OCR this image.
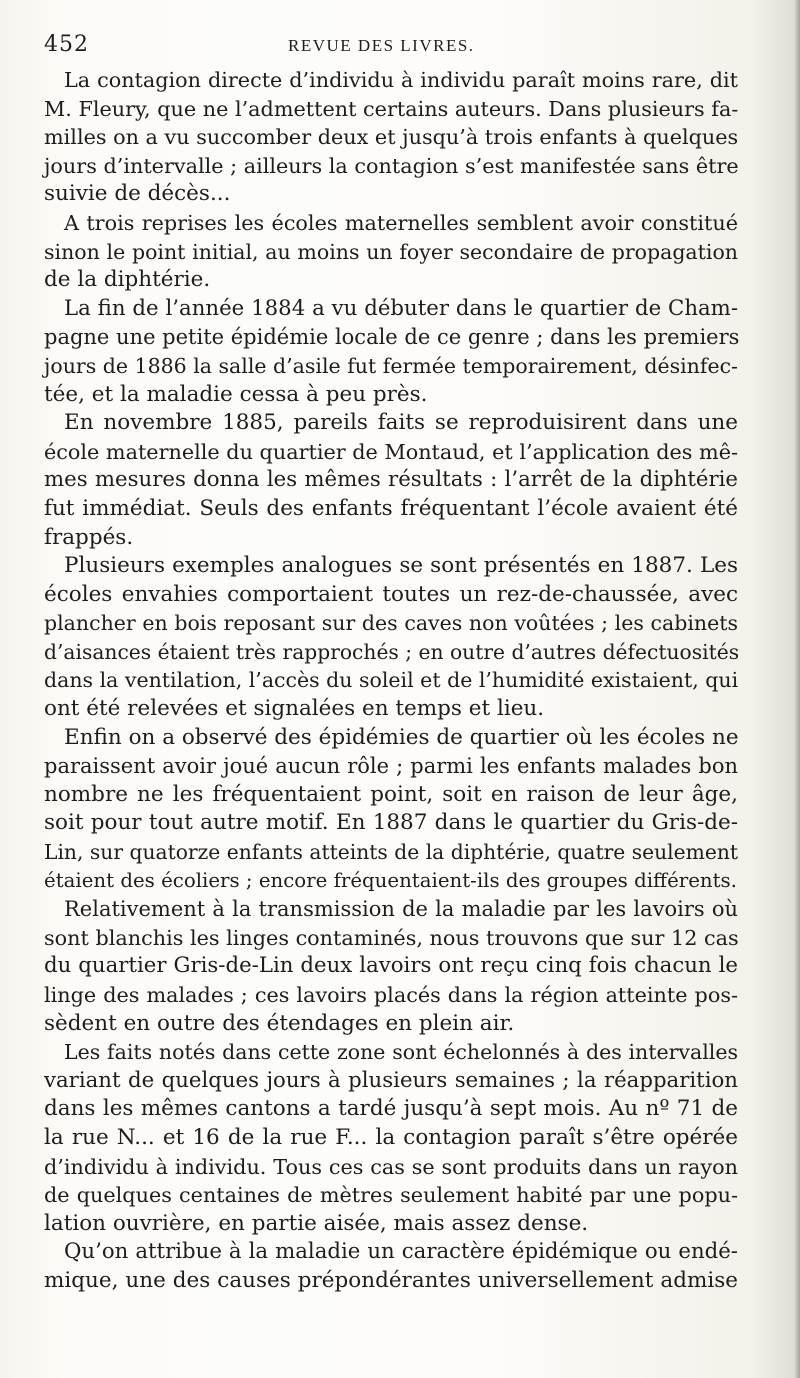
452	REVUE DES LIVRES.
La contagion directe d’individu à individu paraît moins rare, dit
M. Fleury, que ne l’admettent certains auteurs. Dans plusieurs fa-
milles on a vu succomber deux et jusqu’à trois enfants à quelques
jours d’intervalle ; ailleurs la contagion s’est manifestée sans être
suivie de décès...
A trois reprises les écoles maternelles semblent avoir constitué
sinon le point initial, au moins un foyer secondaire de propagation
de la diphtérie.
La fin de l’année 1884 a vu débuter dans le quartier de Cham-
pagne une petite épidémie locale de ce genre ; dans les premiers
jours de 1886 la salle d’asile fut fermée temporairement, désinfec-
tée, et la maladie cessa à peu près.
En novembre 1885, pareils faits se reproduisirent dans une
école maternelle du quartier de Montaud, et l’application des mê-
mes mesures donna les mêmes résultats : l’arrêt de la diphtérie
fut immédiat. Seuls des enfants fréquentant l’école avaient été
frappés.
Plusieurs exemples analogues se sont présentés en 1887. Les
écoles envahies comportaient toutes un rez-de-chaussée, avec
plancher en bois reposant sur des caves non voûtées ; les cabinets
d’aisances étaient très rapprochés ; en outre d’autres défectuosités
dans la ventilation, l’accès du soleil et de l’humidité existaient, qui
ont été relevées et signalées en temps et lieu.
Enfin on a observé des épidémies de quartier où les écoles ne
paraissent avoir joué aucun rôle ; parmi les enfants malades bon
nombre ne les fréquentaient point, soit en raison de leur âge,
soit pour tout autre motif. En 1887 dans le quartier du Gris-de-
Lin, sur quatorze enfants atteints de la diphtérie, quatre seulement
étaient des écoliers ; encore fréquentaient-ils des groupes différents.
Relativement à la transmission de la maladie par les lavoirs où
sont blanchis les linges contaminés, nous trouvons que sur 12 cas
du quartier Gris-de-Lin deux lavoirs ont reçu cinq fois chacun le
linge des malades ; ces lavoirs placés dans la région atteinte pos-
sèdent en outre des étendages en plein air.
Les faits notés dans cette zone sont échelonnés à des intervalles
variant de quelques jours à plusieurs semaines ; la réapparition
dans les mêmes cantons a tardé jusqu’à sept mois. Au nº 71 de
la rue N... et 16 de la rue F... la contagion paraît s’être opérée
d’individu à individu. Tous ces cas se sont produits dans un rayon
de quelques centaines de mètres seulement habité par une popu-
lation ouvrière, en partie aisée, mais assez dense.
Qu’on attribue à la maladie un caractère épidémique ou endé-
mique, une des causes prépondérantes universellement admise
